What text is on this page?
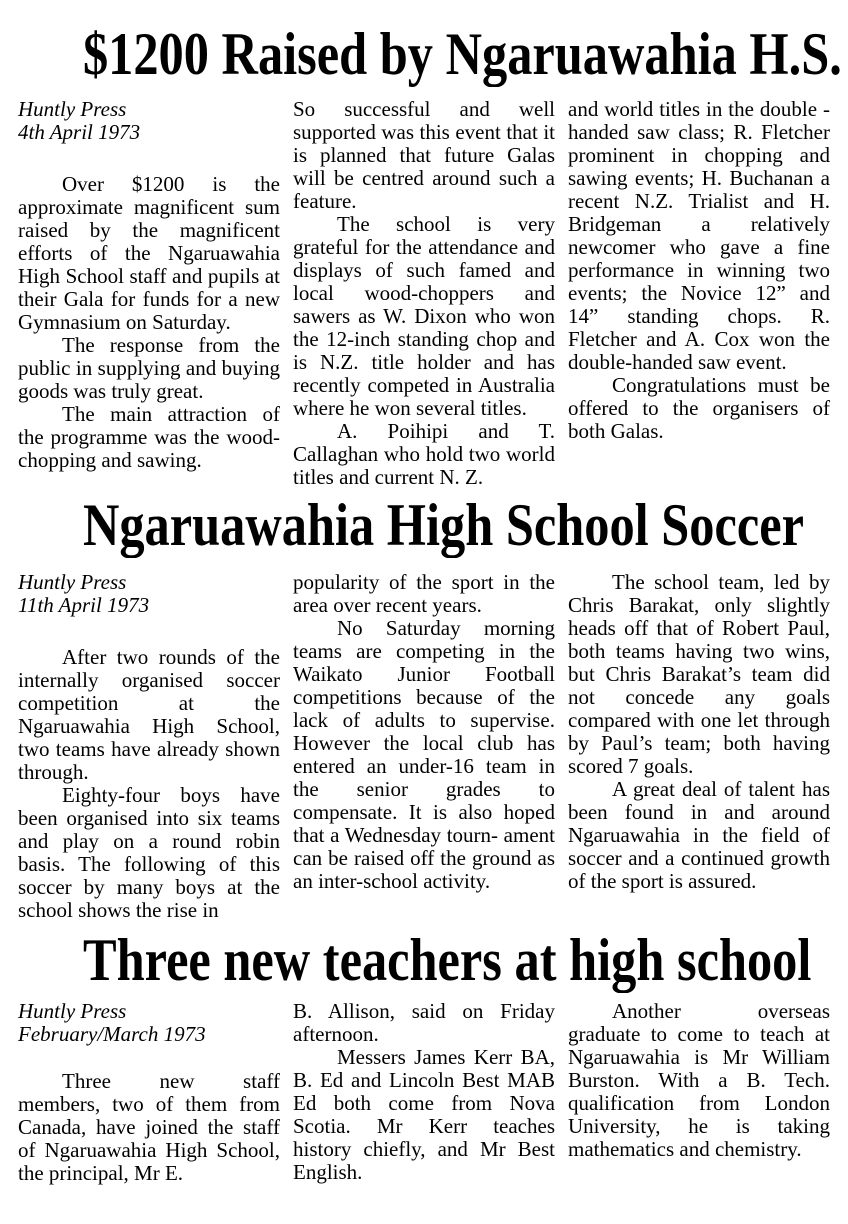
$1200 Raised by Ngaruawahia H.S.
Huntly Press
4th April 1973

Over $1200 is the approximate magnificent sum raised by the magnificent efforts of the Ngaruawahia High School staff and pupils at their Gala for funds for a new Gymnasium on Saturday.

The response from the public in supplying and buying goods was truly great.

The main attraction of the programme was the wood-chopping and sawing.

So successful and well supported was this event that it is planned that future Galas will be centred around such a feature.

The school is very grateful for the attendance and displays of such famed and local wood-choppers and sawers as W. Dixon who won the 12-inch standing chop and is N.Z. title holder and has recently competed in Australia where he won several titles.

A. Poihipi and T. Callaghan who hold two world titles and current N. Z.

and world titles in the double -handed saw class; R. Fletcher prominent in chopping and sawing events; H. Buchanan a recent N.Z. Trialist and H. Bridgeman a relatively newcomer who gave a fine performance in winning two events; the Novice 12” and 14” standing chops. R. Fletcher and A. Cox won the double-handed saw event.

Congratulations must be offered to the organisers of both Galas.

Ngaruawahia High School Soccer
Huntly Press
11th April 1973

After two rounds of the internally organised soccer competition at the Ngaruawahia High School, two teams have already shown through.

Eighty-four boys have been organised into six teams and play on a round robin basis. The following of this soccer by many boys at the school shows the rise in

popularity of the sport in the area over recent years.

No Saturday morning teams are competing in the Waikato Junior Football competitions because of the lack of adults to supervise. However the local club has entered an under-16 team in the senior grades to compensate. It is also hoped that a Wednesday tourn- ament can be raised off the ground as an inter-school activity.

The school team, led by Chris Barakat, only slightly heads off that of Robert Paul, both teams having two wins, but Chris Barakat’s team did not concede any goals compared with one let through by Paul’s team; both having scored 7 goals.

A great deal of talent has been found in and around Ngaruawahia in the field of soccer and a continued growth of the sport is assured.

Three new teachers at high school
Huntly Press
February/March 1973

Three new staff members, two of them from Canada, have joined the staff of Ngaruawahia High School, the principal, Mr E.

B. Allison, said on Friday afternoon.

Messers James Kerr BA, B. Ed and Lincoln Best MAB Ed both come from Nova Scotia. Mr Kerr teaches history chiefly, and Mr Best English.

Another overseas graduate to come to teach at Ngaruawahia is Mr William Burston. With a B. Tech. qualification from London University, he is taking mathematics and chemistry.
